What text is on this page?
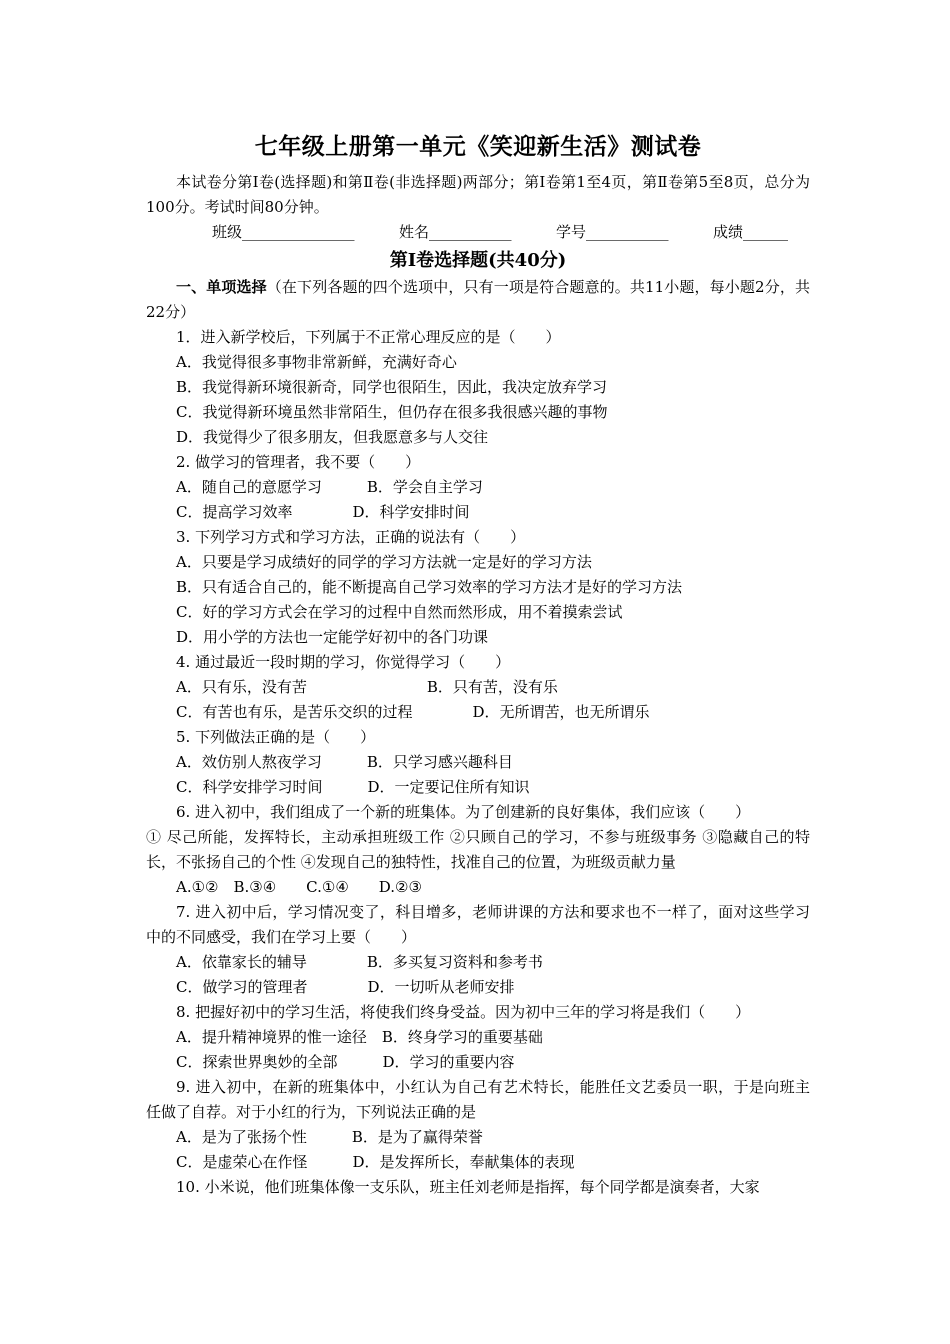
七年级上册第一单元《笑迎新生活》测试卷

本试卷分第Ⅰ卷(选择题)和第Ⅱ卷(非选择题)两部分；第Ⅰ卷第1至4页，第Ⅱ卷第5至8页，总分为100分。考试时间80分钟。

班级_______________	姓名___________	学号___________	成绩______
第Ⅰ卷选择题(共40分)

一、单项选择（在下列各题的四个选项中，只有一项是符合题意的。共11小题，每小题2分，共22分）

1．进入新学校后，下列属于不正常心理反应的是（　　）

A．我觉得很多事物非常新鲜，充满好奇心

B．我觉得新环境很新奇，同学也很陌生，因此，我决定放弃学习

C．我觉得新环境虽然非常陌生，但仍存在很多我很感兴趣的事物

D．我觉得少了很多朋友，但我愿意多与人交往

2. 做学习的管理者，我不要（　　）

A．随自己的意愿学习　　　B．学会自主学习

C．提高学习效率　　　　D．科学安排时间

3. 下列学习方式和学习方法，正确的说法有（　　）

A．只要是学习成绩好的同学的学习方法就一定是好的学习方法

B．只有适合自己的，能不断提高自己学习效率的学习方法才是好的学习方法

C．好的学习方式会在学习的过程中自然而然形成，用不着摸索尝试

D．用小学的方法也一定能学好初中的各门功课

4. 通过最近一段时期的学习，你觉得学习（　　）

A．只有乐，没有苦　　　　　　　　B．只有苦，没有乐

C．有苦也有乐，是苦乐交织的过程　　　　D．无所谓苦，也无所谓乐

5. 下列做法正确的是（　　）

A．效仿别人熬夜学习　　　B．只学习感兴趣科目

C．科学安排学习时间　　　D．一定要记住所有知识

6. 进入初中，我们组成了一个新的班集体。为了创建新的良好集体，我们应该（　　）

① 尽己所能，发挥特长，主动承担班级工作 ②只顾自己的学习，不参与班级事务 ③隐藏自己的特长，不张扬自己的个性 ④发现自己的独特性，找准自己的位置，为班级贡献力量

A.①②　B.③④　　C.①④　　D.②③

7. 进入初中后，学习情况变了，科目增多，老师讲课的方法和要求也不一样了，面对这些学习中的不同感受，我们在学习上要（　　）

A．依靠家长的辅导　　　　B．多买复习资料和参考书

C．做学习的管理者　　　　D．一切听从老师安排

8. 把握好初中的学习生活，将使我们终身受益。因为初中三年的学习将是我们（　　）

A．提升精神境界的惟一途径　B．终身学习的重要基础

C．探索世界奥妙的全部　　　D．学习的重要内容

9. 进入初中，在新的班集体中，小红认为自己有艺术特长，能胜任文艺委员一职，于是向班主任做了自荐。对于小红的行为，下列说法正确的是

A．是为了张扬个性　　　B．是为了赢得荣誉

C．是虚荣心在作怪　　　D．是发挥所长，奉献集体的表现

10. 小米说，他们班集体像一支乐队，班主任刘老师是指挥，每个同学都是演奏者，大家
